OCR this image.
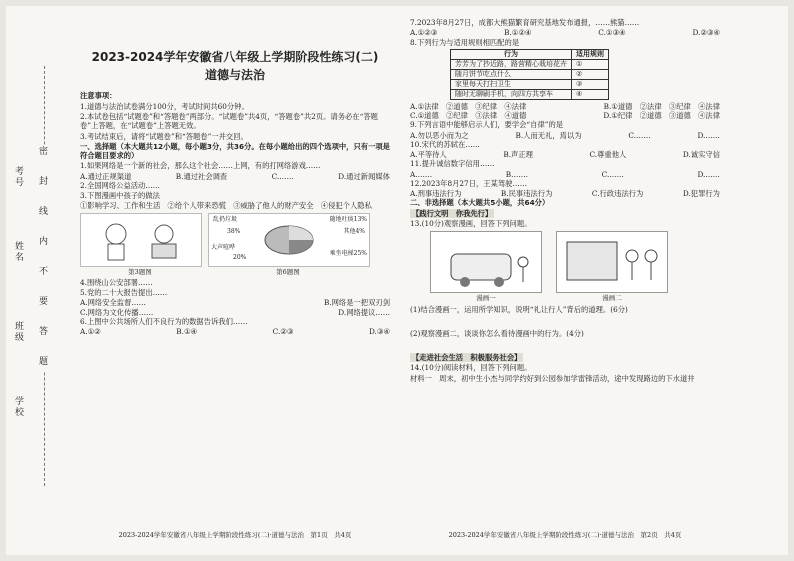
考号
姓名
班级
学校
密　封　线　内　不　要　答　题
2023-2024学年安徽省八年级上学期阶段性练习(二)
道德与法治

注意事项：

1.道德与法治试卷满分100分，考试时间共60分钟。

2.本试卷包括“试题卷”和“答题卷”两部分。“试题卷”共4页，“答题卷”共2页。请务必在“答题卷”上答题，在“试题卷”上答题无效。

3.考试结束后，请将“试题卷”和“答题卷”一并交回。

一、选择题（本大题共12小题，每小题3分，共36分。在每小题给出的四个选项中，只有一项是符合题目要求的）

1.如果网络是一个新的社会，那么这个社会……上网，有的打网络游戏……

A.通过正规渠道	B.通过社会调查	C.……	D.通过新闻媒体

2.全国网络公益活动……

3.下图漫画中孩子的做法

①影响学习、工作和生活　②给个人带来恐慌　③威胁了他人的财产安全　④侵犯个人隐私

第3题图
乱扔垃圾
其他4%
38%
大声喧哗
20%
随地吐痰13%
乘坐电梯25%
第6题图

4.围绕山公安部署……

5.党的二十大报告提出……

A.网络安全监督……	B.网络是一把双刃剑
C.网络为文化传播……	D.网络提议……

6.上图中公共场所人们不良行为的数据告诉我们……

A.①②	B.①④	C.②③	D.③④
2023-2024学年安徽省八年级上学期阶段性练习(二)·道德与法治　第1页　共4页

7.2023年8月27日，成都大熊猫繁育研究基地发布通报，……熊猫……

A.①②③	B.①②④	C.①③④	D.②③④

8.下列行为与适用规则相匹配的是

行为	适用规则
芳芳为了抄近路，路营精心栽培花卉	①
随月饼节吃点什么	②
家里每天打扫卫生	③
随时无聊刷手机，向四方共享车	④
A.①法律　②道德　③纪律　④法律	B.①道德　②法律　③纪律　④法律
C.①道德　②纪律　③法律　④道德	D.①纪律　②道德　③道德　④法律

9.下列言语中能够启示人们，要学会“自律”的是

A.勿以恶小而为之	B.人而无礼，焉以为	C.……	D.……

10.宋代的苏轼在……

A.平等待人	B.声正理	C.尊重他人	D.诚实守信

11.提升诚信数字信用……

A.……	B.……	C.……	D.……

12.2023年8月27日，王某驾驶……

A.刑事违法行为	B.民事违法行为	C.行政违法行为	D.犯罪行为

二、非选择题（本大题共5小题，共64分）

【践行文明　你我先行】

13.(10分)观察漫画，回答下列问题。

漫画一	漫画二

(1)结合漫画一，运用所学知识，说明“礼让行人”背后的道理。(6分)

(2)观察漫画二，谈谈你怎么看待漫画中的行为。(4分)

【走进社会生活　积极服务社会】

14.(10分)阅读材料，回答下列问题。

材料一　周末，初中生小杰与同学约好到公园参加学雷锋活动，途中发现路边的下水道井

2023-2024学年安徽省八年级上学期阶段性练习(二)·道德与法治　第2页　共4页
